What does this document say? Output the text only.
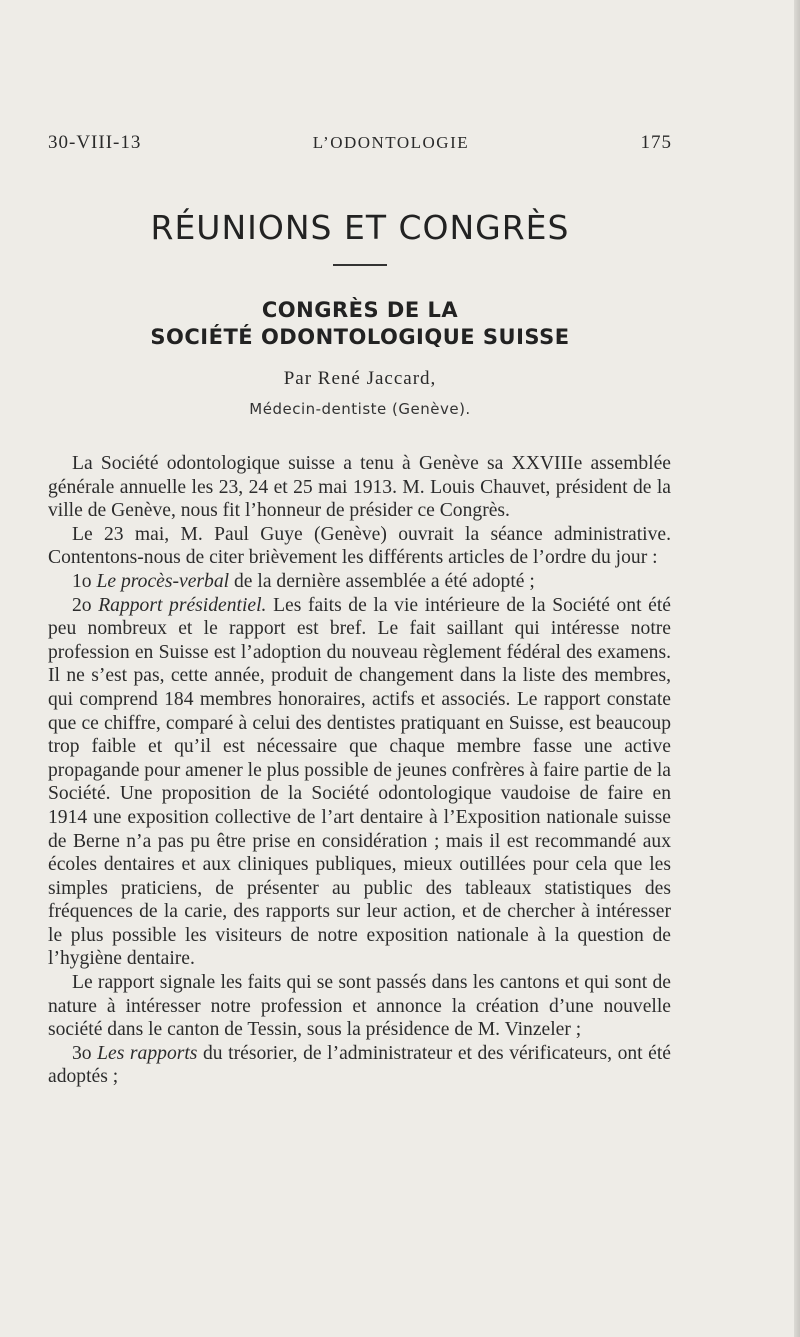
30-VIII-13	L’ODONTOLOGIE	175
RÉUNIONS ET CONGRÈS
CONGRÈS DE LA
SOCIÉTÉ ODONTOLOGIQUE SUISSE
Par René Jaccard,
Médecin-dentiste (Genève).

La Société odontologique suisse a tenu à Genève sa XXVIIIe assemblée générale annuelle les 23, 24 et 25 mai 1913. M. Louis Chauvet, président de la ville de Genève, nous fit l’honneur de présider ce Congrès.

Le 23 mai, M. Paul Guye (Genève) ouvrait la séance administrative. Contentons-nous de citer brièvement les différents articles de l’ordre du jour :

1o Le procès-verbal de la dernière assemblée a été adopté ;

2o Rapport présidentiel. Les faits de la vie intérieure de la Société ont été peu nombreux et le rapport est bref. Le fait saillant qui intéresse notre profession en Suisse est l’adoption du nouveau règlement fédéral des examens. Il ne s’est pas, cette année, produit de changement dans la liste des membres, qui comprend 184 membres honoraires, actifs et associés. Le rapport constate que ce chiffre, comparé à celui des dentistes pratiquant en Suisse, est beaucoup trop faible et qu’il est nécessaire que chaque membre fasse une active propagande pour amener le plus possible de jeunes confrères à faire partie de la Société. Une proposition de la Société odontologique vaudoise de faire en 1914 une exposition collective de l’art dentaire à l’Exposition nationale suisse de Berne n’a pas pu être prise en considération ; mais il est recommandé aux écoles dentaires et aux cliniques publiques, mieux outillées pour cela que les simples praticiens, de présenter au public des tableaux statistiques des fréquences de la carie, des rapports sur leur action, et de chercher à intéresser le plus possible les visiteurs de notre exposition nationale à la question de l’hygiène dentaire.

Le rapport signale les faits qui se sont passés dans les cantons et qui sont de nature à intéresser notre profession et annonce la création d’une nouvelle société dans le canton de Tessin, sous la présidence de M. Vinzeler ;

3o Les rapports du trésorier, de l’administrateur et des vérificateurs, ont été adoptés ;
